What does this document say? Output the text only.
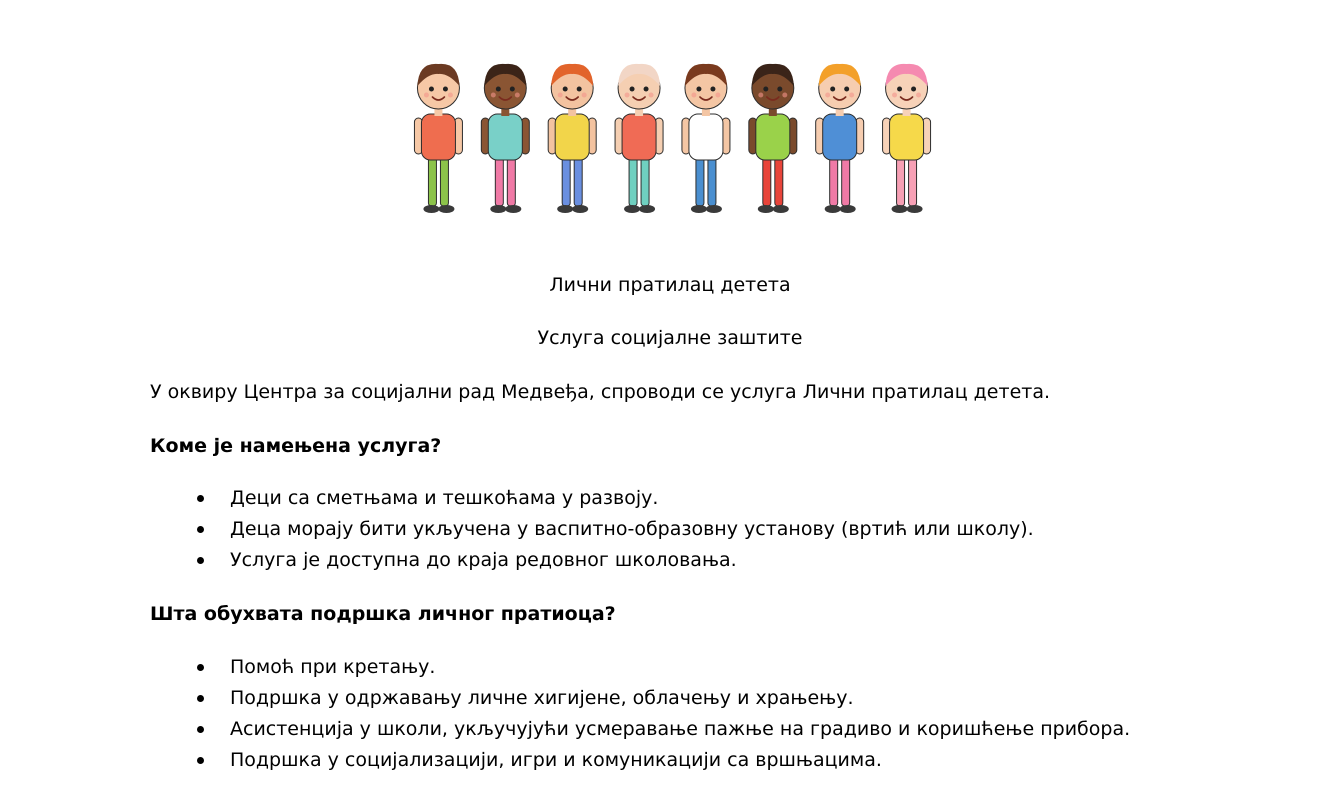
Лични пратилац детета
Услуга социјалне заштите
У оквиру Центра за социјални рад Медвеђа, спроводи се услуга Лични пратилац детета.
Коме је намењена услуга?
Деци са сметњама и тешкоћама у развоју.
Деца морају бити укључена у васпитно-образовну установу (вртић или школу).
Услуга је доступна до краја редовног школовања.
Шта обухвата подршка личног пратиоца?
Помоћ при кретању.
Подршка у одржавању личне хигијене, облачењу и храњењу.
Асистенција у школи, укључујући усмеравање пажње на градиво и коришћење прибора.
Подршка у социјализацији, игри и комуникацији са вршњацима.
